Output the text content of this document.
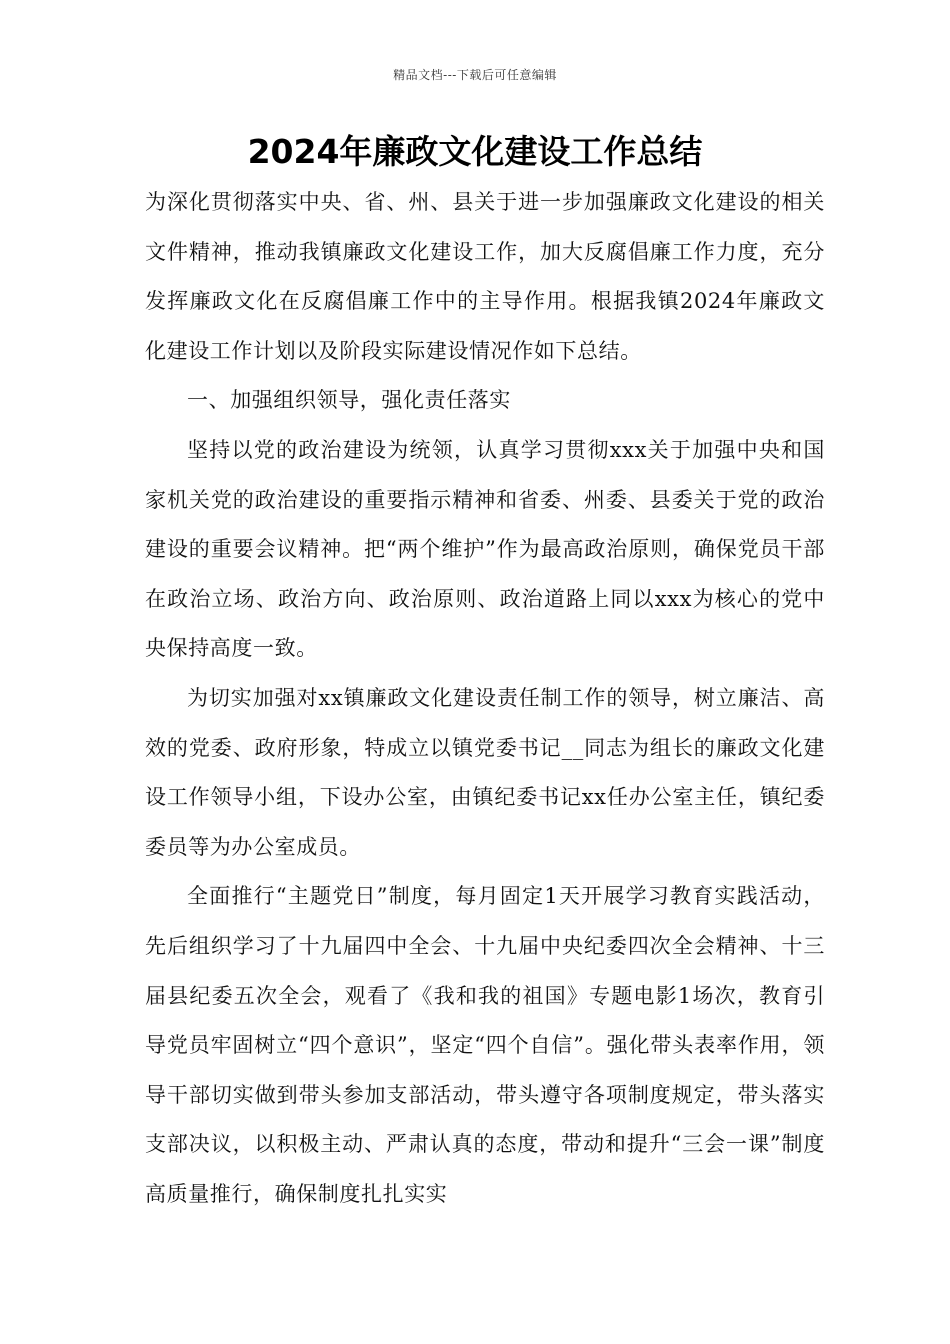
精品文档---下载后可任意编辑
2024年廉政文化建设工作总结

为深化贯彻落实中央、省、州、县关于进一步加强廉政文化建设的相关文件精神，推动我镇廉政文化建设工作，加大反腐倡廉工作力度，充分发挥廉政文化在反腐倡廉工作中的主导作用。根据我镇2024年廉政文化建设工作计划以及阶段实际建设情况作如下总结。

一、加强组织领导，强化责任落实

坚持以党的政治建设为统领，认真学习贯彻xxx关于加强中央和国家机关党的政治建设的重要指示精神和省委、州委、县委关于党的政治建设的重要会议精神。把“两个维护”作为最高政治原则，确保党员干部在政治立场、政治方向、政治原则、政治道路上同以xxx为核心的党中央保持高度一致。

为切实加强对xx镇廉政文化建设责任制工作的领导，树立廉洁、高效的党委、政府形象，特成立以镇党委书记__同志为组长的廉政文化建设工作领导小组，下设办公室，由镇纪委书记xx任办公室主任，镇纪委委员等为办公室成员。

全面推行“主题党日”制度，每月固定1天开展学习教育实践活动，先后组织学习了十九届四中全会、十九届中央纪委四次全会精神、十三届县纪委五次全会，观看了《我和我的祖国》专题电影1场次，教育引导党员牢固树立“四个意识”，坚定“四个自信”。强化带头表率作用，领导干部切实做到带头参加支部活动，带头遵守各项制度规定，带头落实支部决议，以积极主动、严肃认真的态度，带动和提升“三会一课”制度高质量推行，确保制度扎扎实实
